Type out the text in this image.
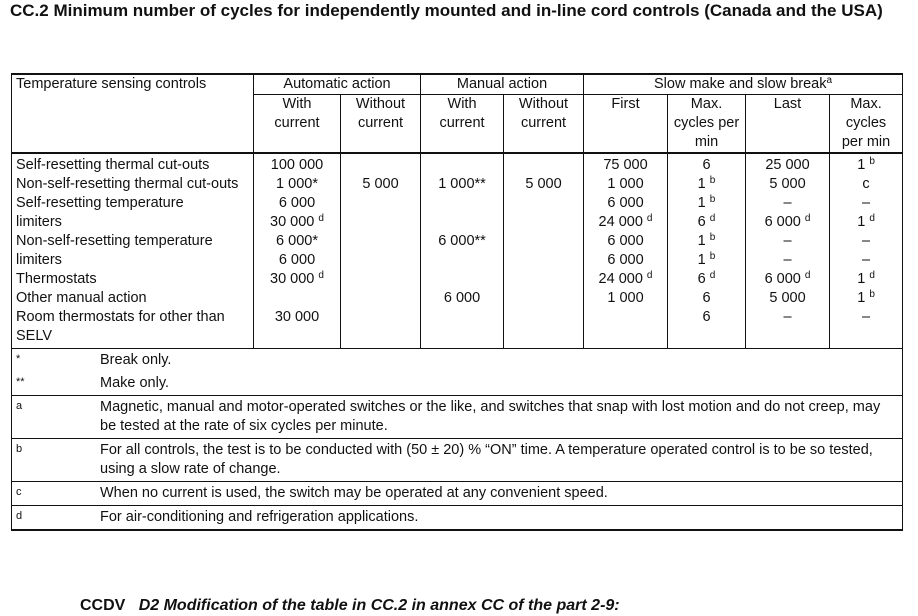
CC.2 Minimum number of cycles for independently mounted and in-line cord controls (Canada and the USA)
Temperature sensing controls	Automatic action		Manual action		Slow make and slow break$^a$
	With current	Without current	With current	Without current	First	Max. cycles per min	Last	Max. cycles per min
Self-resetting thermal cut-outs	100 000				75 000	6	25 000	1 $^b$
Non-self-resetting thermal cut-outs	1 000*	5 000	1 000**	5 000	1 000	1 $^b$	5 000	c
Self-resetting temperature	6 000				6 000	1 $^b$	–	–
limiters	30 000 $^d$				24 000 $^d$	6 $^d$	6 000 $^d$	1 $^d$
Non-self-resetting temperature	6 000*		6 000**		6 000	1 $^b$	–	–
limiters	6 000				6 000	1 $^b$	–	–
Thermostats	30 000 $^d$				24 000 $^d$	6 $^d$	6 000 $^d$	1 $^d$
Other manual action			6 000		1 000	6	5 000	1 $^b$
Room thermostats for other than SELV	30 000					6	–	–

* Break only.								

** Make only.								

a Magnetic, manual and motor-operated switches or the like, and switches that snap with lost motion and do not creep, may be tested at the rate of six cycles per minute.								

b For all controls, the test is to be conducted with (50 ± 20) % “ON” time. A temperature operated control is to be so tested, using a slow rate of change.								

c When no current is used, the switch may be operated at any convenient speed.								

d For air-conditioning and refrigeration applications.								
CCDV D2 Modification of the table in CC.2 in annex CC of the part 2-9:
